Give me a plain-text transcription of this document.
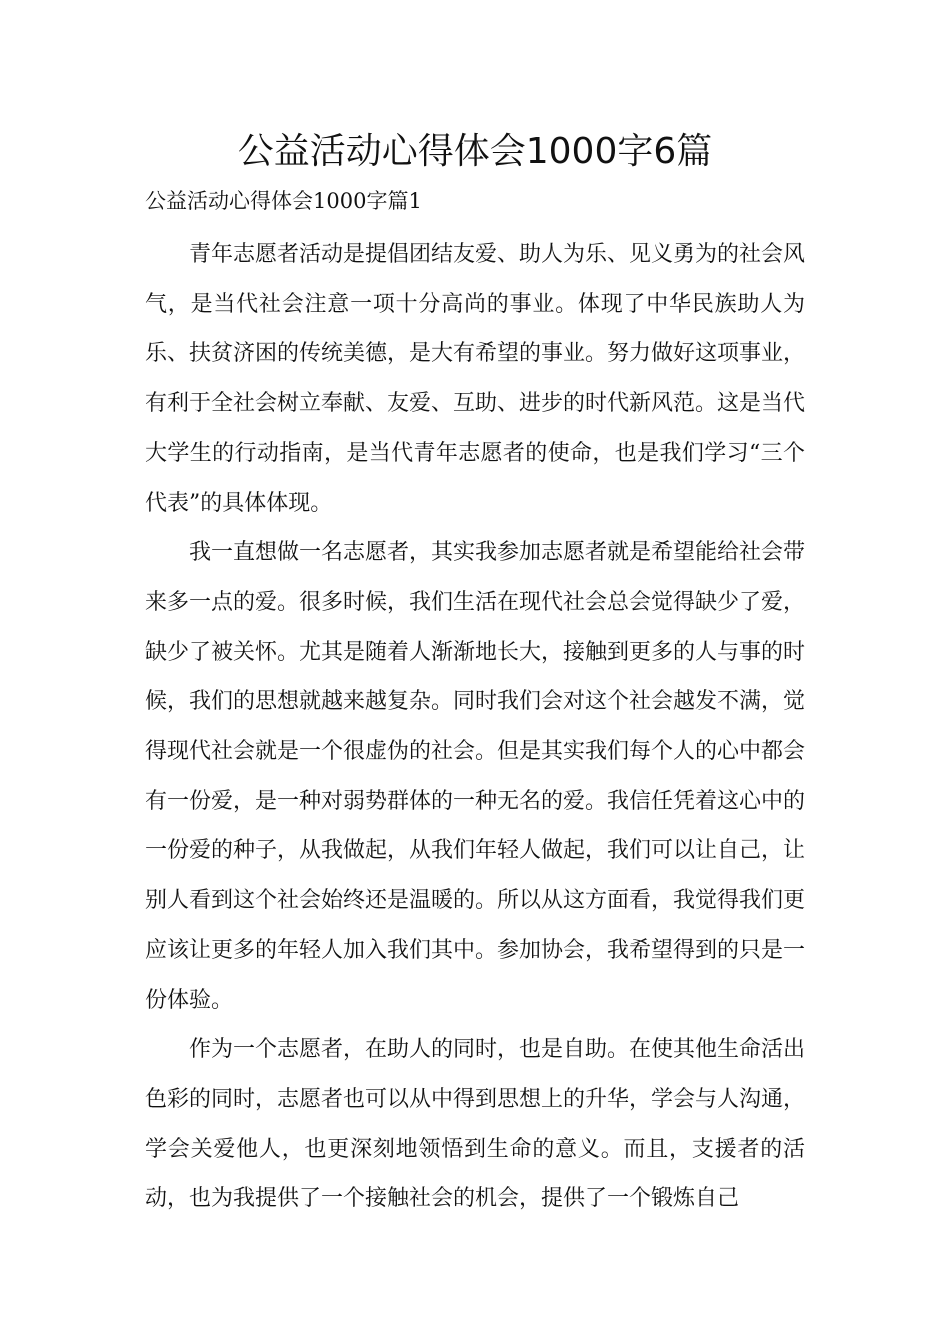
公益活动心得体会1000字6篇

公益活动心得体会1000字篇1

青年志愿者活动是提倡团结友爱、助人为乐、见义勇为的社会风气，是当代社会注意一项十分高尚的事业。体现了中华民族助人为乐、扶贫济困的传统美德，是大有希望的事业。努力做好这项事业，有利于全社会树立奉献、友爱、互助、进步的时代新风范。这是当代大学生的行动指南，是当代青年志愿者的使命，也是我们学习“三个代表”的具体体现。

我一直想做一名志愿者，其实我参加志愿者就是希望能给社会带来多一点的爱。很多时候，我们生活在现代社会总会觉得缺少了爱，缺少了被关怀。尤其是随着人渐渐地长大，接触到更多的人与事的时候，我们的思想就越来越复杂。同时我们会对这个社会越发不满，觉得现代社会就是一个很虚伪的社会。但是其实我们每个人的心中都会有一份爱，是一种对弱势群体的一种无名的爱。我信任凭着这心中的一份爱的种子，从我做起，从我们年轻人做起，我们可以让自己，让别人看到这个社会始终还是温暖的。所以从这方面看，我觉得我们更应该让更多的年轻人加入我们其中。参加协会，我希望得到的只是一份体验。

作为一个志愿者，在助人的同时，也是自助。在使其他生命活出色彩的同时，志愿者也可以从中得到思想上的升华，学会与人沟通，学会关爱他人，也更深刻地领悟到生命的意义。而且，支援者的活动，也为我提供了一个接触社会的机会，提供了一个锻炼自己
